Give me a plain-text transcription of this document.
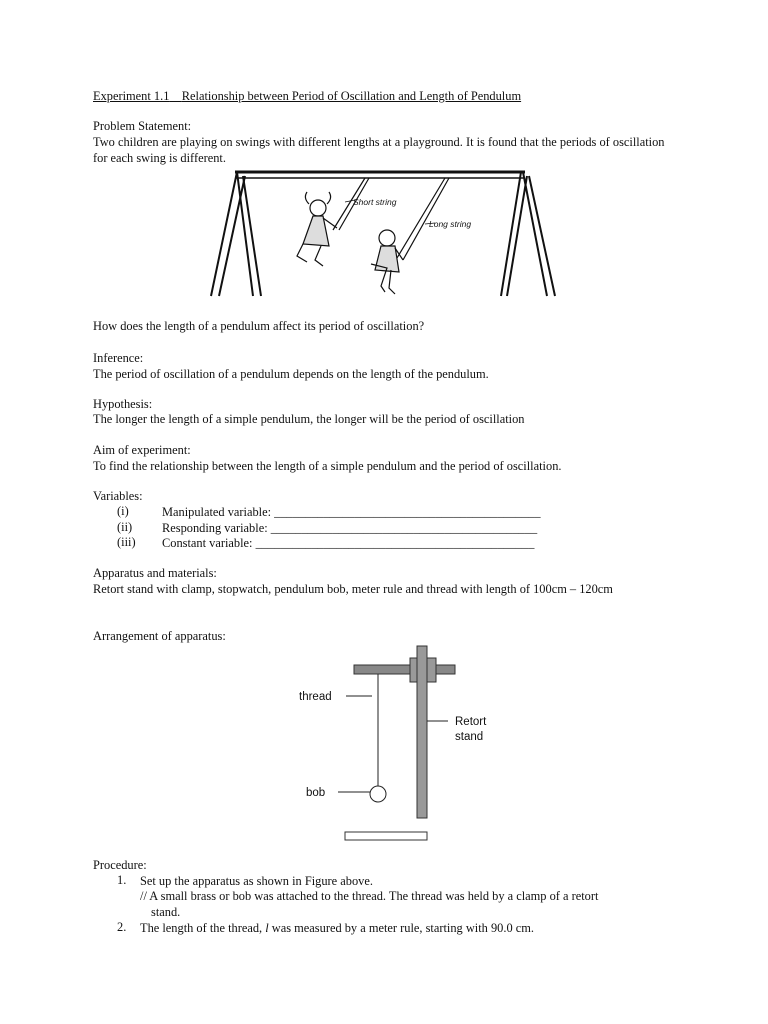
Experiment 1.1 Relationship between Period of Oscillation and Length of Pendulum
Problem Statement:
Two children are playing on swings with different lengths at a playground. It is found that the periods of oscillation for each swing is different.
Short string
Long string
How does the length of a pendulum affect its period of oscillation?
Inference:
The period of oscillation of a pendulum depends on the length of the pendulum.
Hypothesis:
The longer the length of a simple pendulum, the longer will be the period of oscillation
Aim of experiment:
To find the relationship between the length of a simple pendulum and the period of oscillation.
Variables:
(i)	Manipulated variable: ___________________________________________
(ii) Responding variable: ___________________________________________
(iii) Constant variable: _____________________________________________
Apparatus and materials:
Retort stand with clamp, stopwatch, pendulum bob, meter rule and thread with length of 100cm – 120cm
Arrangement of apparatus:
thread
Retort
stand
bob
Procedure:
1. Set up the apparatus as shown in Figure above.
// A small brass or bob was attached to the thread. The thread was held by a clamp of a retort
stand.
2. The length of the thread, l was measured by a meter rule, starting with 90.0 cm.
